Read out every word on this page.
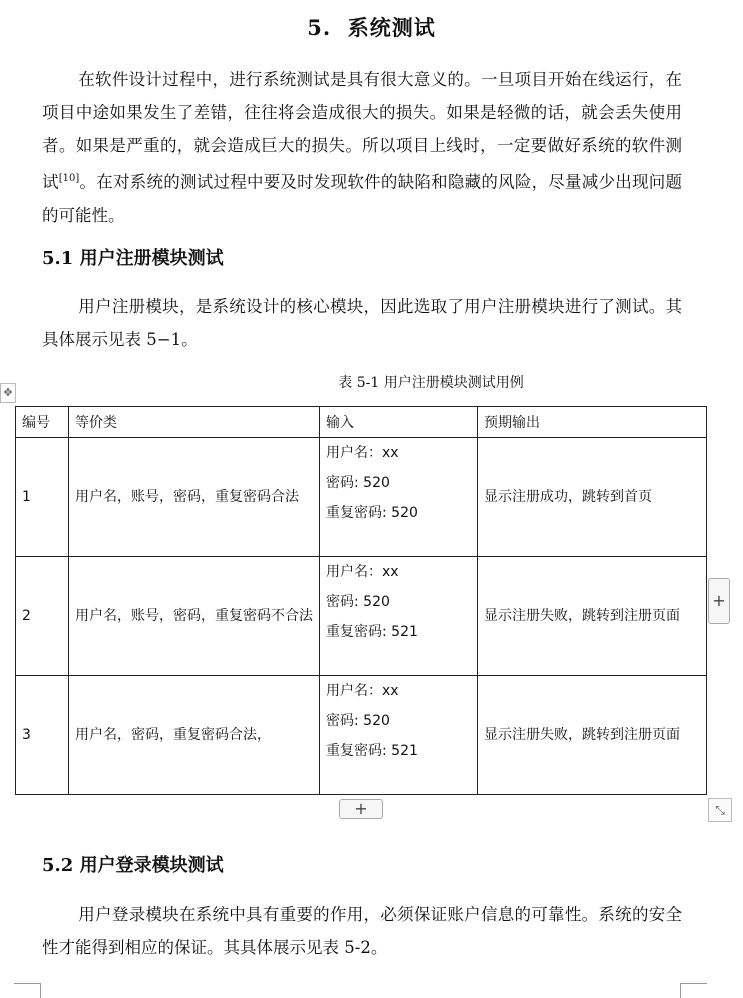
5. 系统测试
在软件设计过程中，进行系统测试是具有很大意义的。一旦项目开始在线运行，在项目中途如果发生了差错，往往将会造成很大的损失。如果是轻微的话，就会丢失使用者。如果是严重的，就会造成巨大的损失。所以项目上线时，一定要做好系统的软件测试[10]。在对系统的测试过程中要及时发现软件的缺陷和隐藏的风险，尽量减少出现问题的可能性。
5.1 用户注册模块测试
用户注册模块，是系统设计的核心模块，因此选取了用户注册模块进行了测试。其具体展示见表 5−1。
✥
表 5-1 用户注册模块测试用例
编号	等价类	输入	预期输出
1	用户名，账号，密码，重复密码合法	用户名：xx
密码: 520
重复密码: 520	显示注册成功，跳转到首页
2	用户名，账号，密码，重复密码不合法	用户名：xx
密码: 520
重复密码: 521	显示注册失败，跳转到注册页面
3	用户名，密码，重复密码合法，	用户名：xx
密码: 520
重复密码: 521	显示注册失败，跳转到注册页面
+
+	⤡
5.2 用户登录模块测试
用户登录模块在系统中具有重要的作用，必须保证账户信息的可靠性。系统的安全性才能得到相应的保证。其具体展示见表 5-2。
